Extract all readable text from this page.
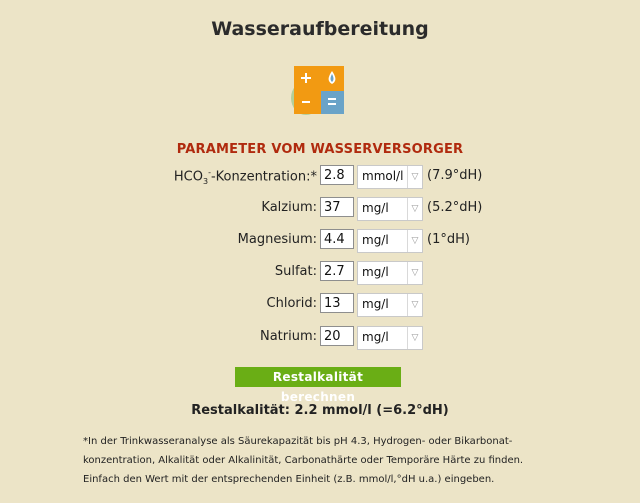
Wasseraufbereitung
PARAMETER VOM WASSERVERSORGER
$HCO_3^--Konzentration:*$ 2.8	mmol/l ▽ (7.9°dH)
Kalzium: 37	mg/l	▽ (5.2°dH)
Magnesium: 4.4	mg/l	▽ (1°dH)
Sulfat: 2.7	mg/l	▽
Chlorid: 13	mg/l	▽
Natrium: 20	mg/l	▽
Restalkalität berechnen
Restalkalität: 2.2 mmol/l (=6.2°dH)
*In der Trinkwasseranalyse als Säurekapazität bis pH 4.3, Hydrogen- oder Bikarbonat-konzentration, Alkalität oder Alkalinität, Carbonathärte oder Temporäre Härte zu finden. Einfach den Wert mit der entsprechenden Einheit (z.B. mmol/l,°dH u.a.) eingeben.
